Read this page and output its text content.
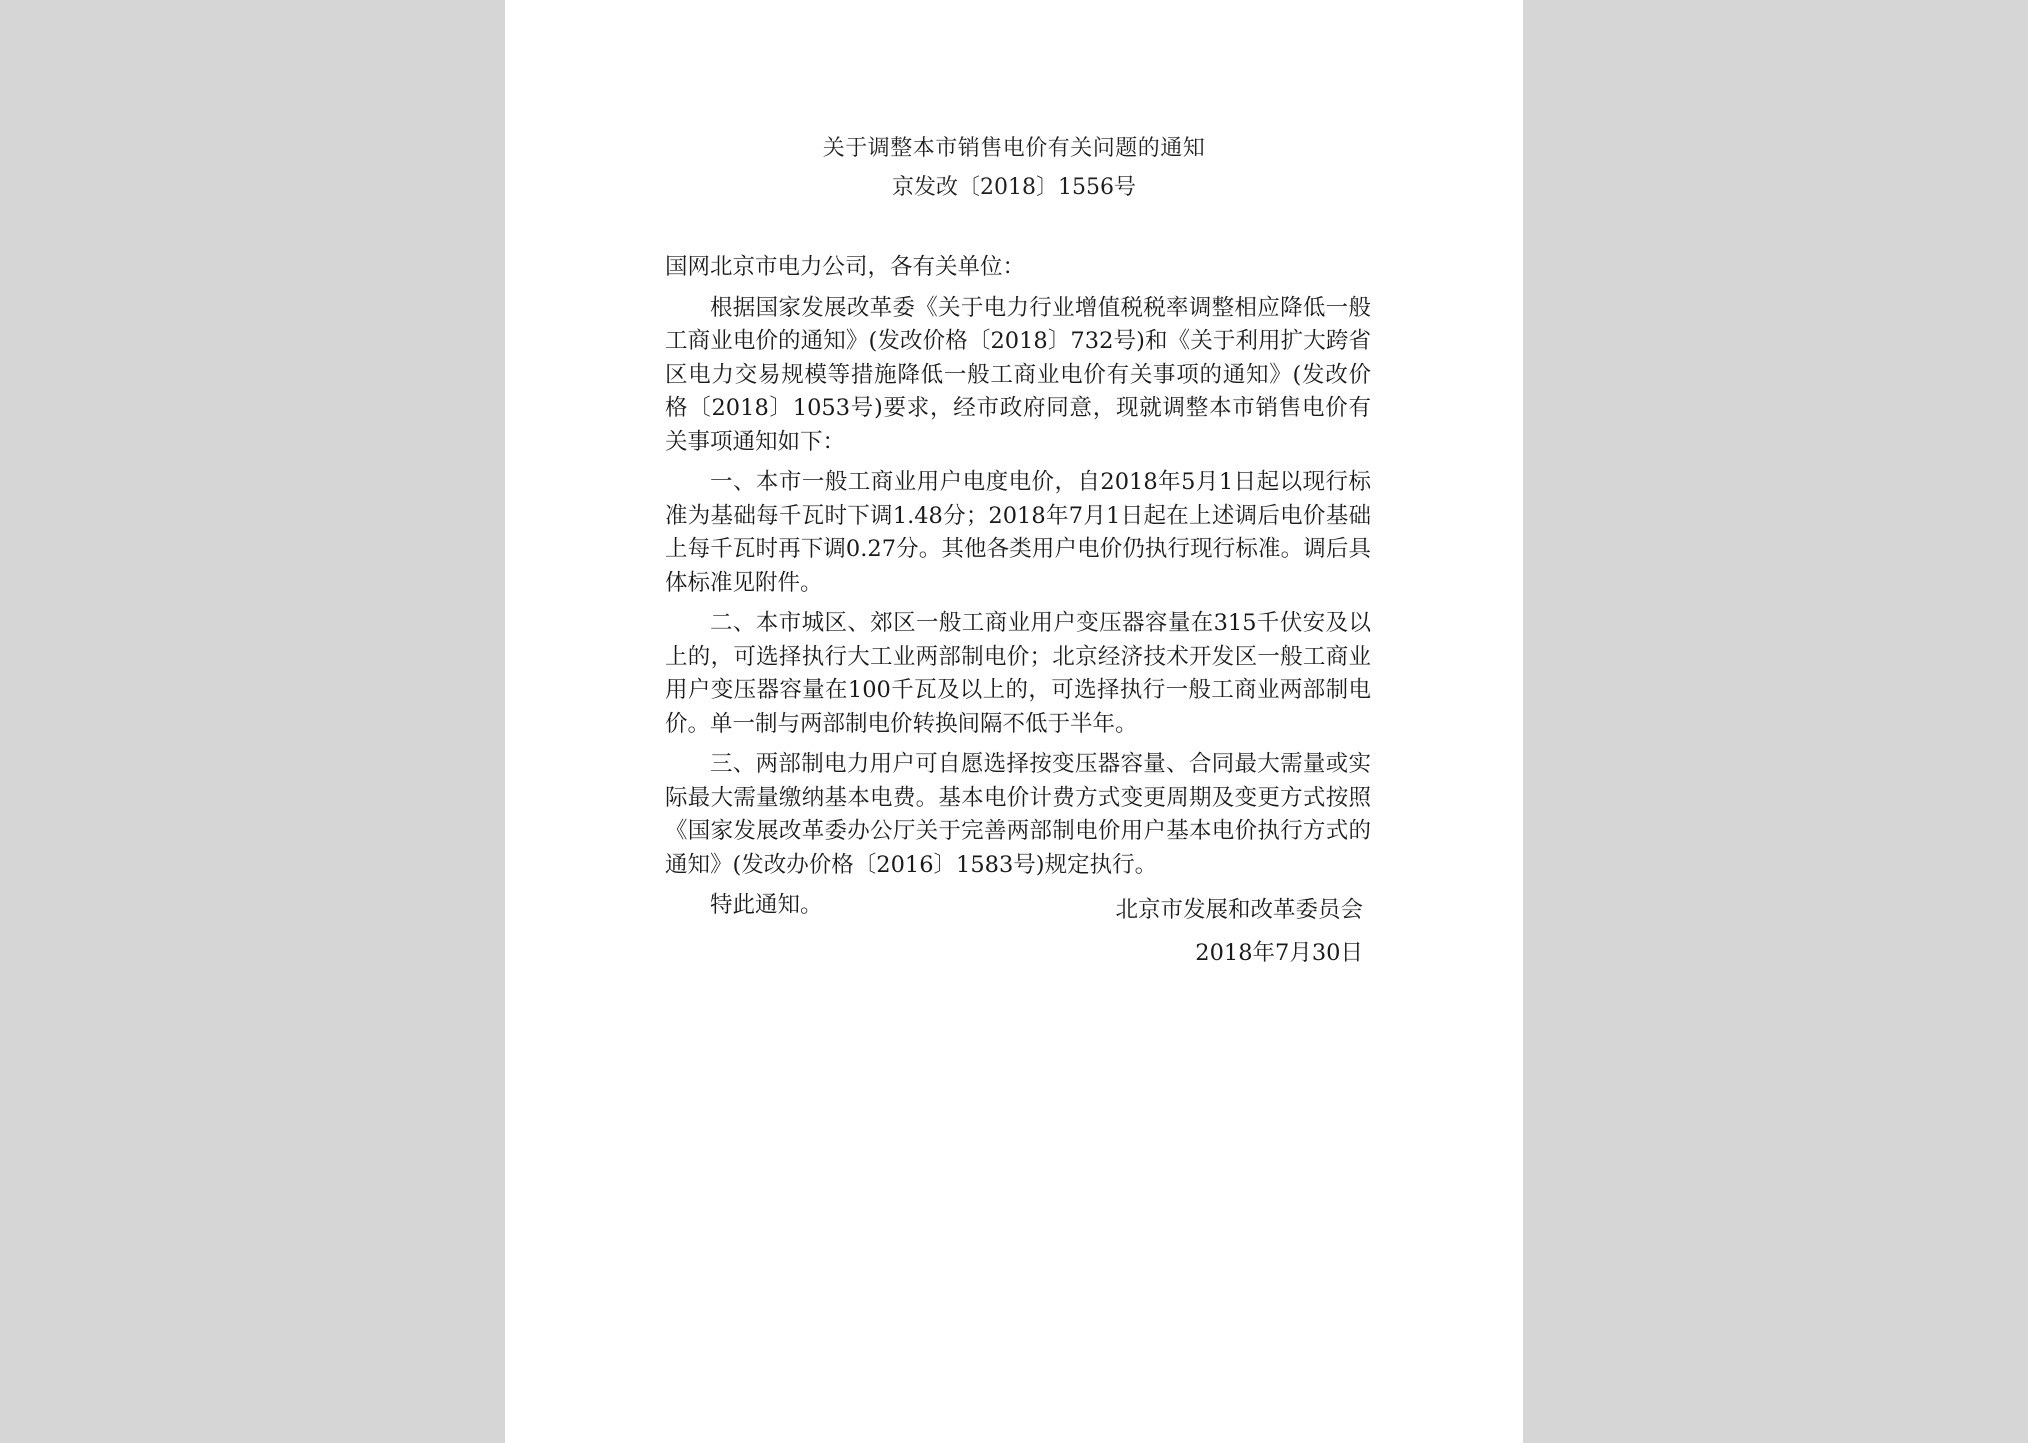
关于调整本市销售电价有关问题的通知
京发改〔2018〕1556号

国网北京市电力公司，各有关单位：

根据国家发展改革委《关于电力行业增值税税率调整相应降低一般工商业电价的通知》(发改价格〔2018〕732号)和《关于利用扩大跨省区电力交易规模等措施降低一般工商业电价有关事项的通知》(发改价格〔2018〕1053号)要求，经市政府同意，现就调整本市销售电价有关事项通知如下：

一、本市一般工商业用户电度电价，自2018年5月1日起以现行标准为基础每千瓦时下调1.48分；2018年7月1日起在上述调后电价基础上每千瓦时再下调0.27分。其他各类用户电价仍执行现行标准。调后具体标准见附件。

二、本市城区、郊区一般工商业用户变压器容量在315千伏安及以上的，可选择执行大工业两部制电价；北京经济技术开发区一般工商业用户变压器容量在100千瓦及以上的，可选择执行一般工商业两部制电价。单一制与两部制电价转换间隔不低于半年。

三、两部制电力用户可自愿选择按变压器容量、合同最大需量或实际最大需量缴纳基本电费。基本电价计费方式变更周期及变更方式按照《国家发展改革委办公厅关于完善两部制电价用户基本电价执行方式的通知》(发改办价格〔2016〕1583号)规定执行。

特此通知。	北京市发展和改革委员会
2018年7月30日
